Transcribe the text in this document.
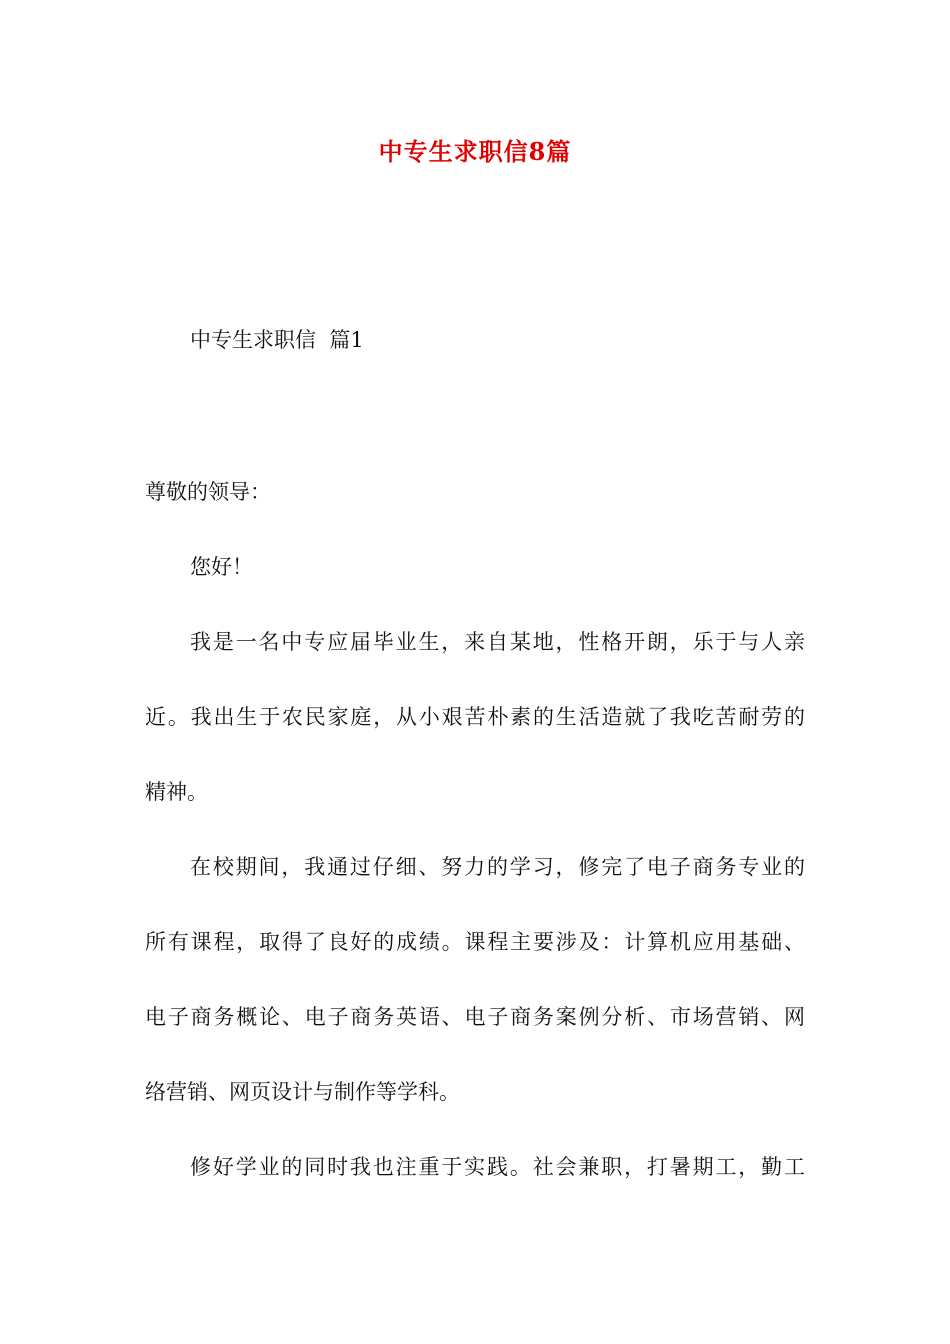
中专生求职信8篇
中专生求职信  篇1
尊敬的领导：
您好！
我是一名中专应届毕业生，来自某地，性格开朗，乐于与人亲
近。我出生于农民家庭，从小艰苦朴素的生活造就了我吃苦耐劳的
精神。
在校期间，我通过仔细、努力的学习，修完了电子商务专业的
所有课程，取得了良好的成绩。课程主要涉及：计算机应用基础、
电子商务概论、电子商务英语、电子商务案例分析、市场营销、网
络营销、网页设计与制作等学科。
修好学业的同时我也注重于实践。社会兼职，打暑期工，勤工
